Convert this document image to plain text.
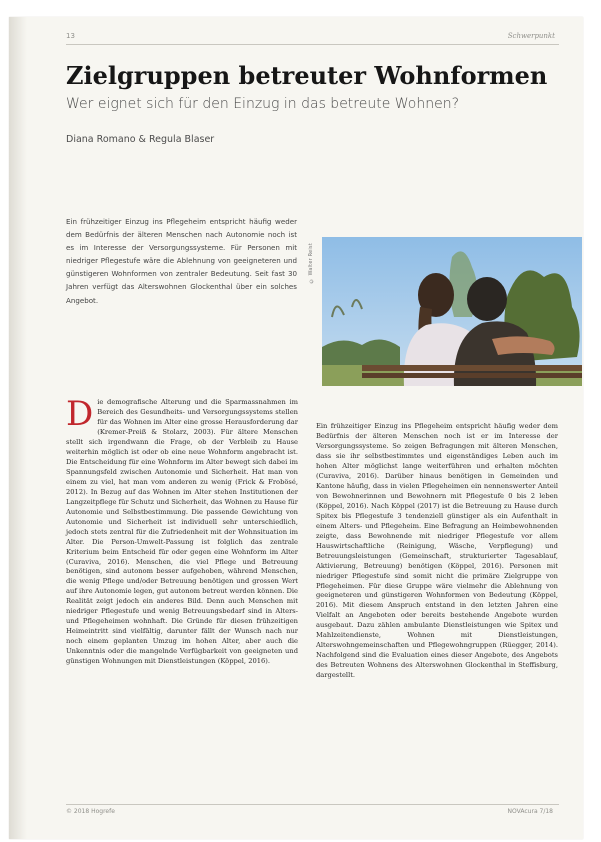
13	Schwerpunkt
Zielgruppen betreuter Wohnformen
Wer eignet sich für den Einzug in das betreute Wohnen?

Diana Romano & Regula Blaser

Ein frühzeitiger Einzug ins Pflegeheim entspricht häufig weder dem Bedürfnis der älteren Menschen nach Autonomie noch ist es im Interesse der Versorgungssysteme. Für Personen mit niedriger Pflegestufe wäre die Ablehnung von geeigneteren und günstigeren Wohnformen von zentraler Bedeutung. Seit fast 30 Jahren verfügt das Alterswohnen Glockenthal über ein solches Angebot.

© Walter Reist

Die demografische Alterung und die Sparmassnahmen im Bereich des Gesundheits- und Versorgungssystems stellen für das Wohnen im Alter eine grosse Herausforderung dar (Kremer-Preiß & Stolarz, 2003). Für ältere Menschen stellt sich irgendwann die Frage, ob der Verbleib zu Hause weiterhin möglich ist oder ob eine neue Wohnform angebracht ist. Die Entscheidung für eine Wohnform im Alter bewegt sich dabei im Spannungsfeld zwischen Autonomie und Sicherheit. Hat man von einem zu viel, hat man vom anderen zu wenig (Frick & Frobösé, 2012). In Bezug auf das Wohnen im Alter stehen Institutionen der Langzeitpflege für Schutz und Sicherheit, das Wohnen zu Hause für Autonomie und Selbstbestimmung. Die passende Gewichtung von Autonomie und Sicherheit ist individuell sehr unterschiedlich, jedoch stets zentral für die Zufriedenheit mit der Wohnsituation im Alter. Die Person-Umwelt-Passung ist folglich das zentrale Kriterium beim Entscheid für oder gegen eine Wohnform im Alter (Curaviva, 2016). Menschen, die viel Pflege und Betreuung benötigen, sind autonom besser aufgehoben, während Menschen, die wenig Pflege und/oder Betreuung benötigen und grossen Wert auf ihre Autonomie legen, gut autonom betreut werden können. Die Realität zeigt jedoch ein anderes Bild. Denn auch Menschen mit niedriger Pflegestufe und wenig Betreuungsbedarf sind in Alters- und Pflegeheimen wohnhaft. Die Gründe für diesen frühzeitigen Heimeintritt sind vielfältig, darunter fällt der Wunsch nach nur noch einem geplanten Umzug im hohen Alter, aber auch die Unkenntnis oder die mangelnde Verfügbarkeit von geeigneten und günstigen Wohnungen mit Dienstleistungen (Köppel, 2016).

Ein frühzeitiger Einzug ins Pflegeheim entspricht häufig weder dem Bedürfnis der älteren Menschen noch ist er im Interesse der Versorgungssysteme. So zeigen Befragungen mit älteren Menschen, dass sie ihr selbstbestimmtes und eigenständiges Leben auch im hohen Alter möglichst lange weiterführen und erhalten möchten (Curaviva, 2016). Darüber hinaus benötigen in Gemeinden und Kantone häufig, dass in vielen Pflegeheimen ein nennenswerter Anteil von Bewohnerinnen und Bewohnern mit Pflegestufe 0 bis 2 leben (Köppel, 2016). Nach Köppel (2017) ist die Betreuung zu Hause durch Spitex bis Pflegestufe 3 tendenziell günstiger als ein Aufenthalt in einem Alters- und Pflegeheim. Eine Befragung an Heimbewohnenden zeigte, dass Bewohnende mit niedriger Pflegestufe vor allem Hauswirtschaftliche (Reinigung, Wäsche, Verpflegung) und Betreuungsleistungen (Gemeinschaft, strukturierter Tagesablauf, Aktivierung, Betreuung) benötigen (Köppel, 2016). Personen mit niedriger Pflegestufe sind somit nicht die primäre Zielgruppe von Pflegeheimen. Für diese Gruppe wäre vielmehr die Ablehnung von geeigneteren und günstigeren Wohnformen von Bedeutung (Köppel, 2016). Mit diesem Anspruch entstand in den letzten Jahren eine Vielfalt an Angeboten oder bereits bestehende Angebote wurden ausgebaut. Dazu zählen ambulante Dienstleistungen wie Spitex und Mahlzeitendienste, Wohnen mit Dienstleistungen, Alterswohngemeinschaften und Pflegewohngruppen (Rüegger, 2014). Nachfolgend sind die Evaluation eines dieser Angebote, des Angebots des Betreuten Wohnens des Alterswohnen Glockenthal in Steffisburg, dargestellt.

© 2018 Hogrefe	NOVAcura 7/18
